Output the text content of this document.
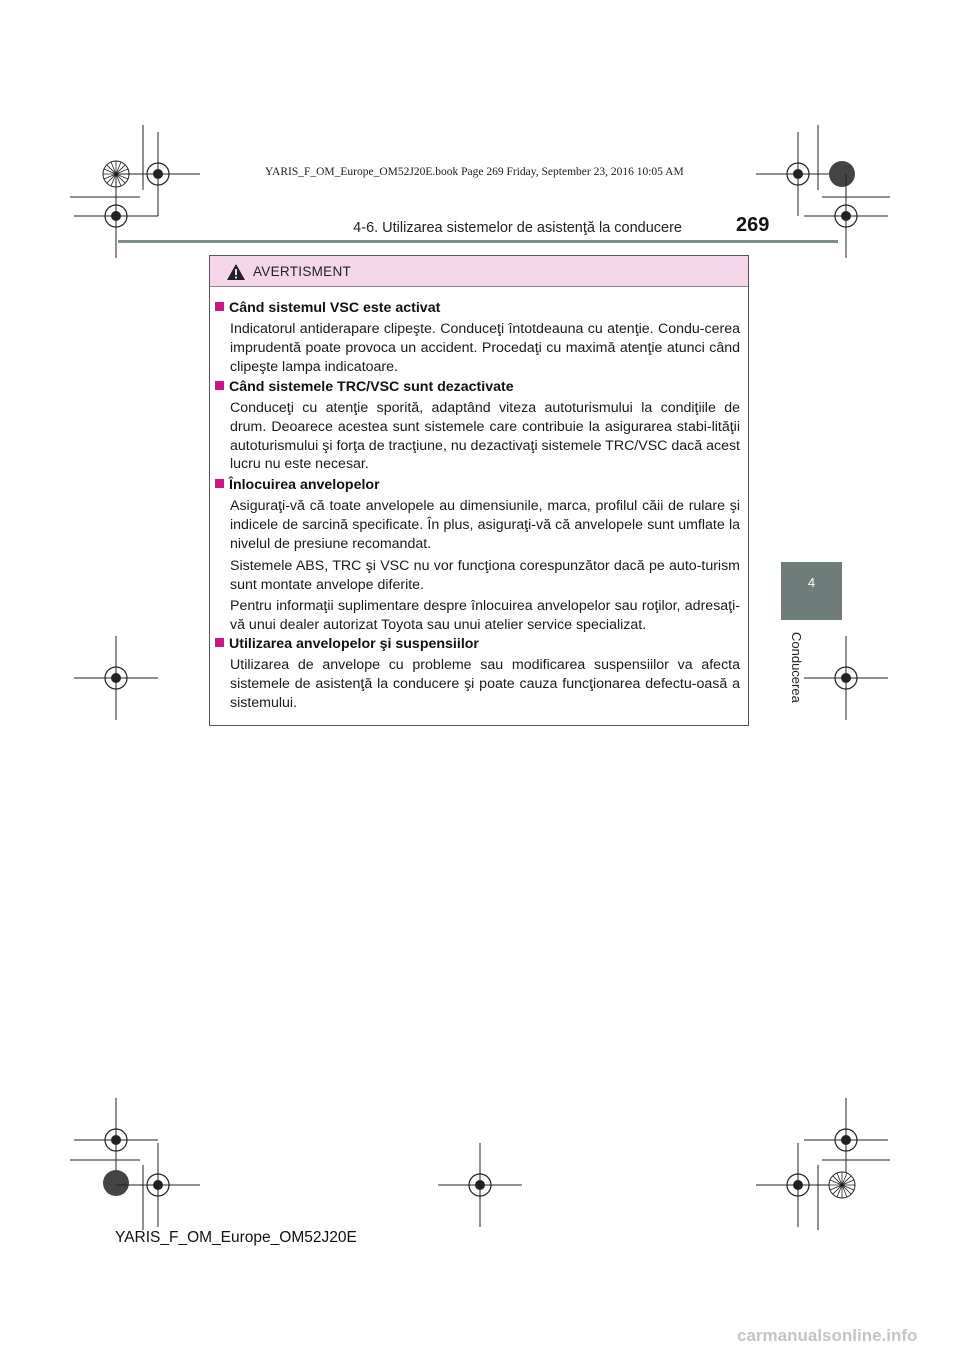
YARIS_F_OM_Europe_OM52J20E.book Page 269 Friday, September 23, 2016 10:05 AM
4-6. Utilizarea sistemelor de asistenţă la conducere	269
4
Conducerea
AVERTISMENT
Când sistemul VSC este activat
Indicatorul antiderapare clipeşte. Conduceţi întotdeauna cu atenţie. Condu-cerea imprudentă poate provoca un accident. Procedaţi cu maximă atenţie atunci când clipeşte lampa indicatoare.
Când sistemele TRC/VSC sunt dezactivate
Conduceţi cu atenţie sporită, adaptând viteza autoturismului la condiţiile de drum. Deoarece acestea sunt sistemele care contribuie la asigurarea stabi-lităţii autoturismului şi forţa de tracţiune, nu dezactivaţi sistemele TRC/VSC dacă acest lucru nu este necesar.
Înlocuirea anvelopelor
Asiguraţi-vă că toate anvelopele au dimensiunile, marca, profilul căii de rulare şi indicele de sarcină specificate. În plus, asiguraţi-vă că anvelopele sunt umflate la nivelul de presiune recomandat.
Sistemele ABS, TRC şi VSC nu vor funcţiona corespunzător dacă pe auto-turism sunt montate anvelope diferite.
Pentru informaţii suplimentare despre înlocuirea anvelopelor sau roţilor, adresaţi-vă unui dealer autorizat Toyota sau unui atelier service specializat.
Utilizarea anvelopelor şi suspensiilor
Utilizarea de anvelope cu probleme sau modificarea suspensiilor va afecta sistemele de asistenţă la conducere şi poate cauza funcţionarea defectu-oasă a sistemului.
YARIS_F_OM_Europe_OM52J20E
carmanualsonline.info
